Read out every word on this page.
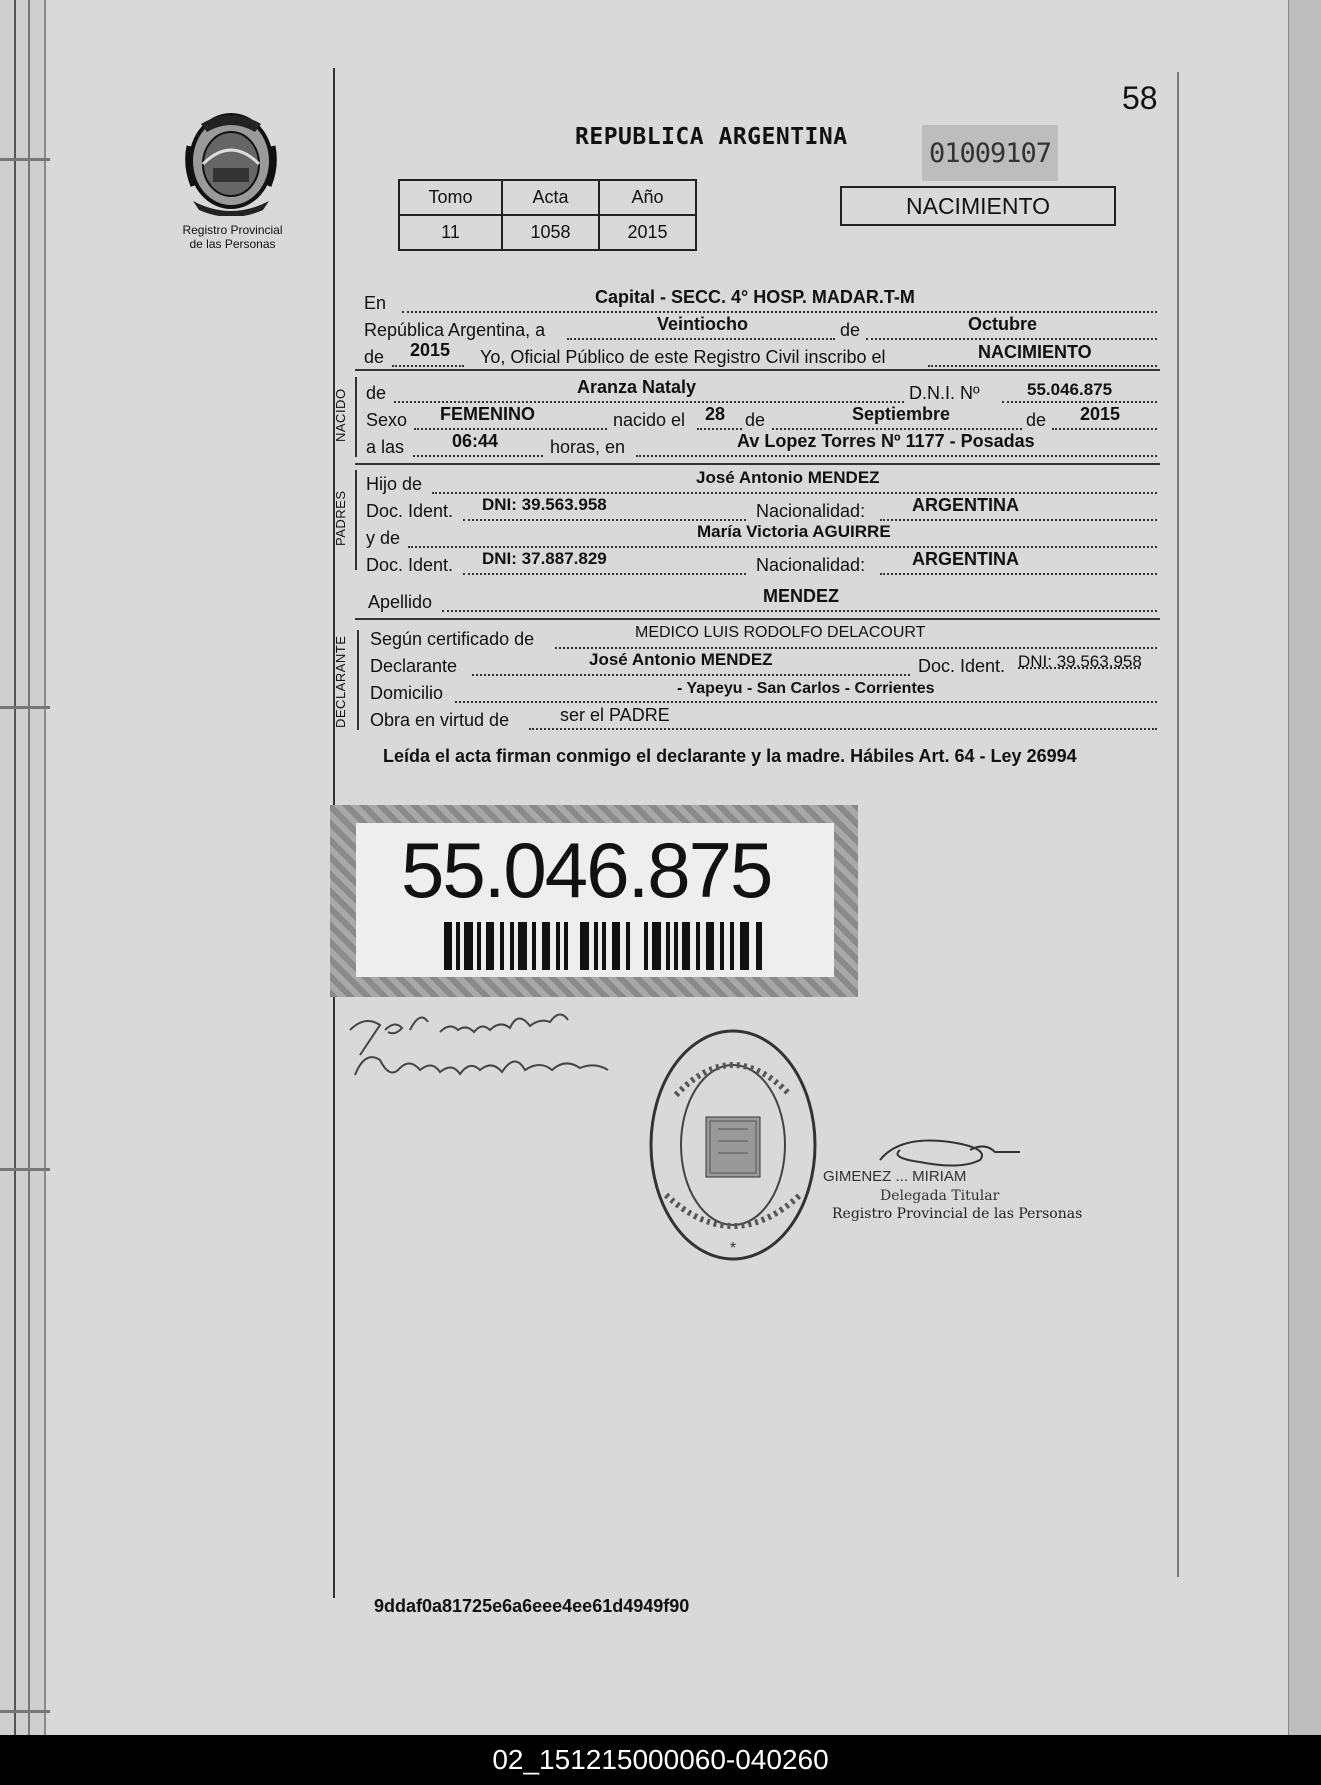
Registro Provincial
de las Personas
58
REPUBLICA ARGENTINA
01009107
Tomo	Acta	Año
11	1058	2015
NACIMIENTO
En	Capital - SECC. 4° HOSP. MADAR.T-M
República Argentina, a	Veintiocho	de	Octubre
de 2015 Yo, Oficial Público de este Registro Civil inscribo el	NACIMIENTO
NACIDO de	Aranza Nataly	D.N.I. Nº	55.046.875
Sexo FEMENINO	nacido el 28 de	Septiembre	de 2015
a las	06:44	horas, en	Av Lopez Torres Nº 1177 - Posadas
PADRES
Hijo de	José Antonio MENDEZ
Doc. Ident. DNI: 39.563.958	Nacionalidad:	ARGENTINA
y de	María Victoria AGUIRRE
Doc. Ident. DNI: 37.887.829	Nacionalidad:	ARGENTINA
Apellido	MENDEZ
DECLARANTE Según certificado de	MEDICO LUIS RODOLFO DELACOURT
Declarante	José Antonio MENDEZ	Doc. Ident. DNI: 39.563.958
Domicilio	- Yapeyu - San Carlos - Corrientes
Obra en virtud de	ser el PADRE
Leída el acta firman conmigo el declarante y la madre. Hábiles Art. 64 - Ley 26994
55.046.875
*
GIMENEZ ... MIRIAM
Delegada Titular
Registro Provincial de las Personas
9ddaf0a81725e6a6eee4ee61d4949f90
02_151215000060-040260
